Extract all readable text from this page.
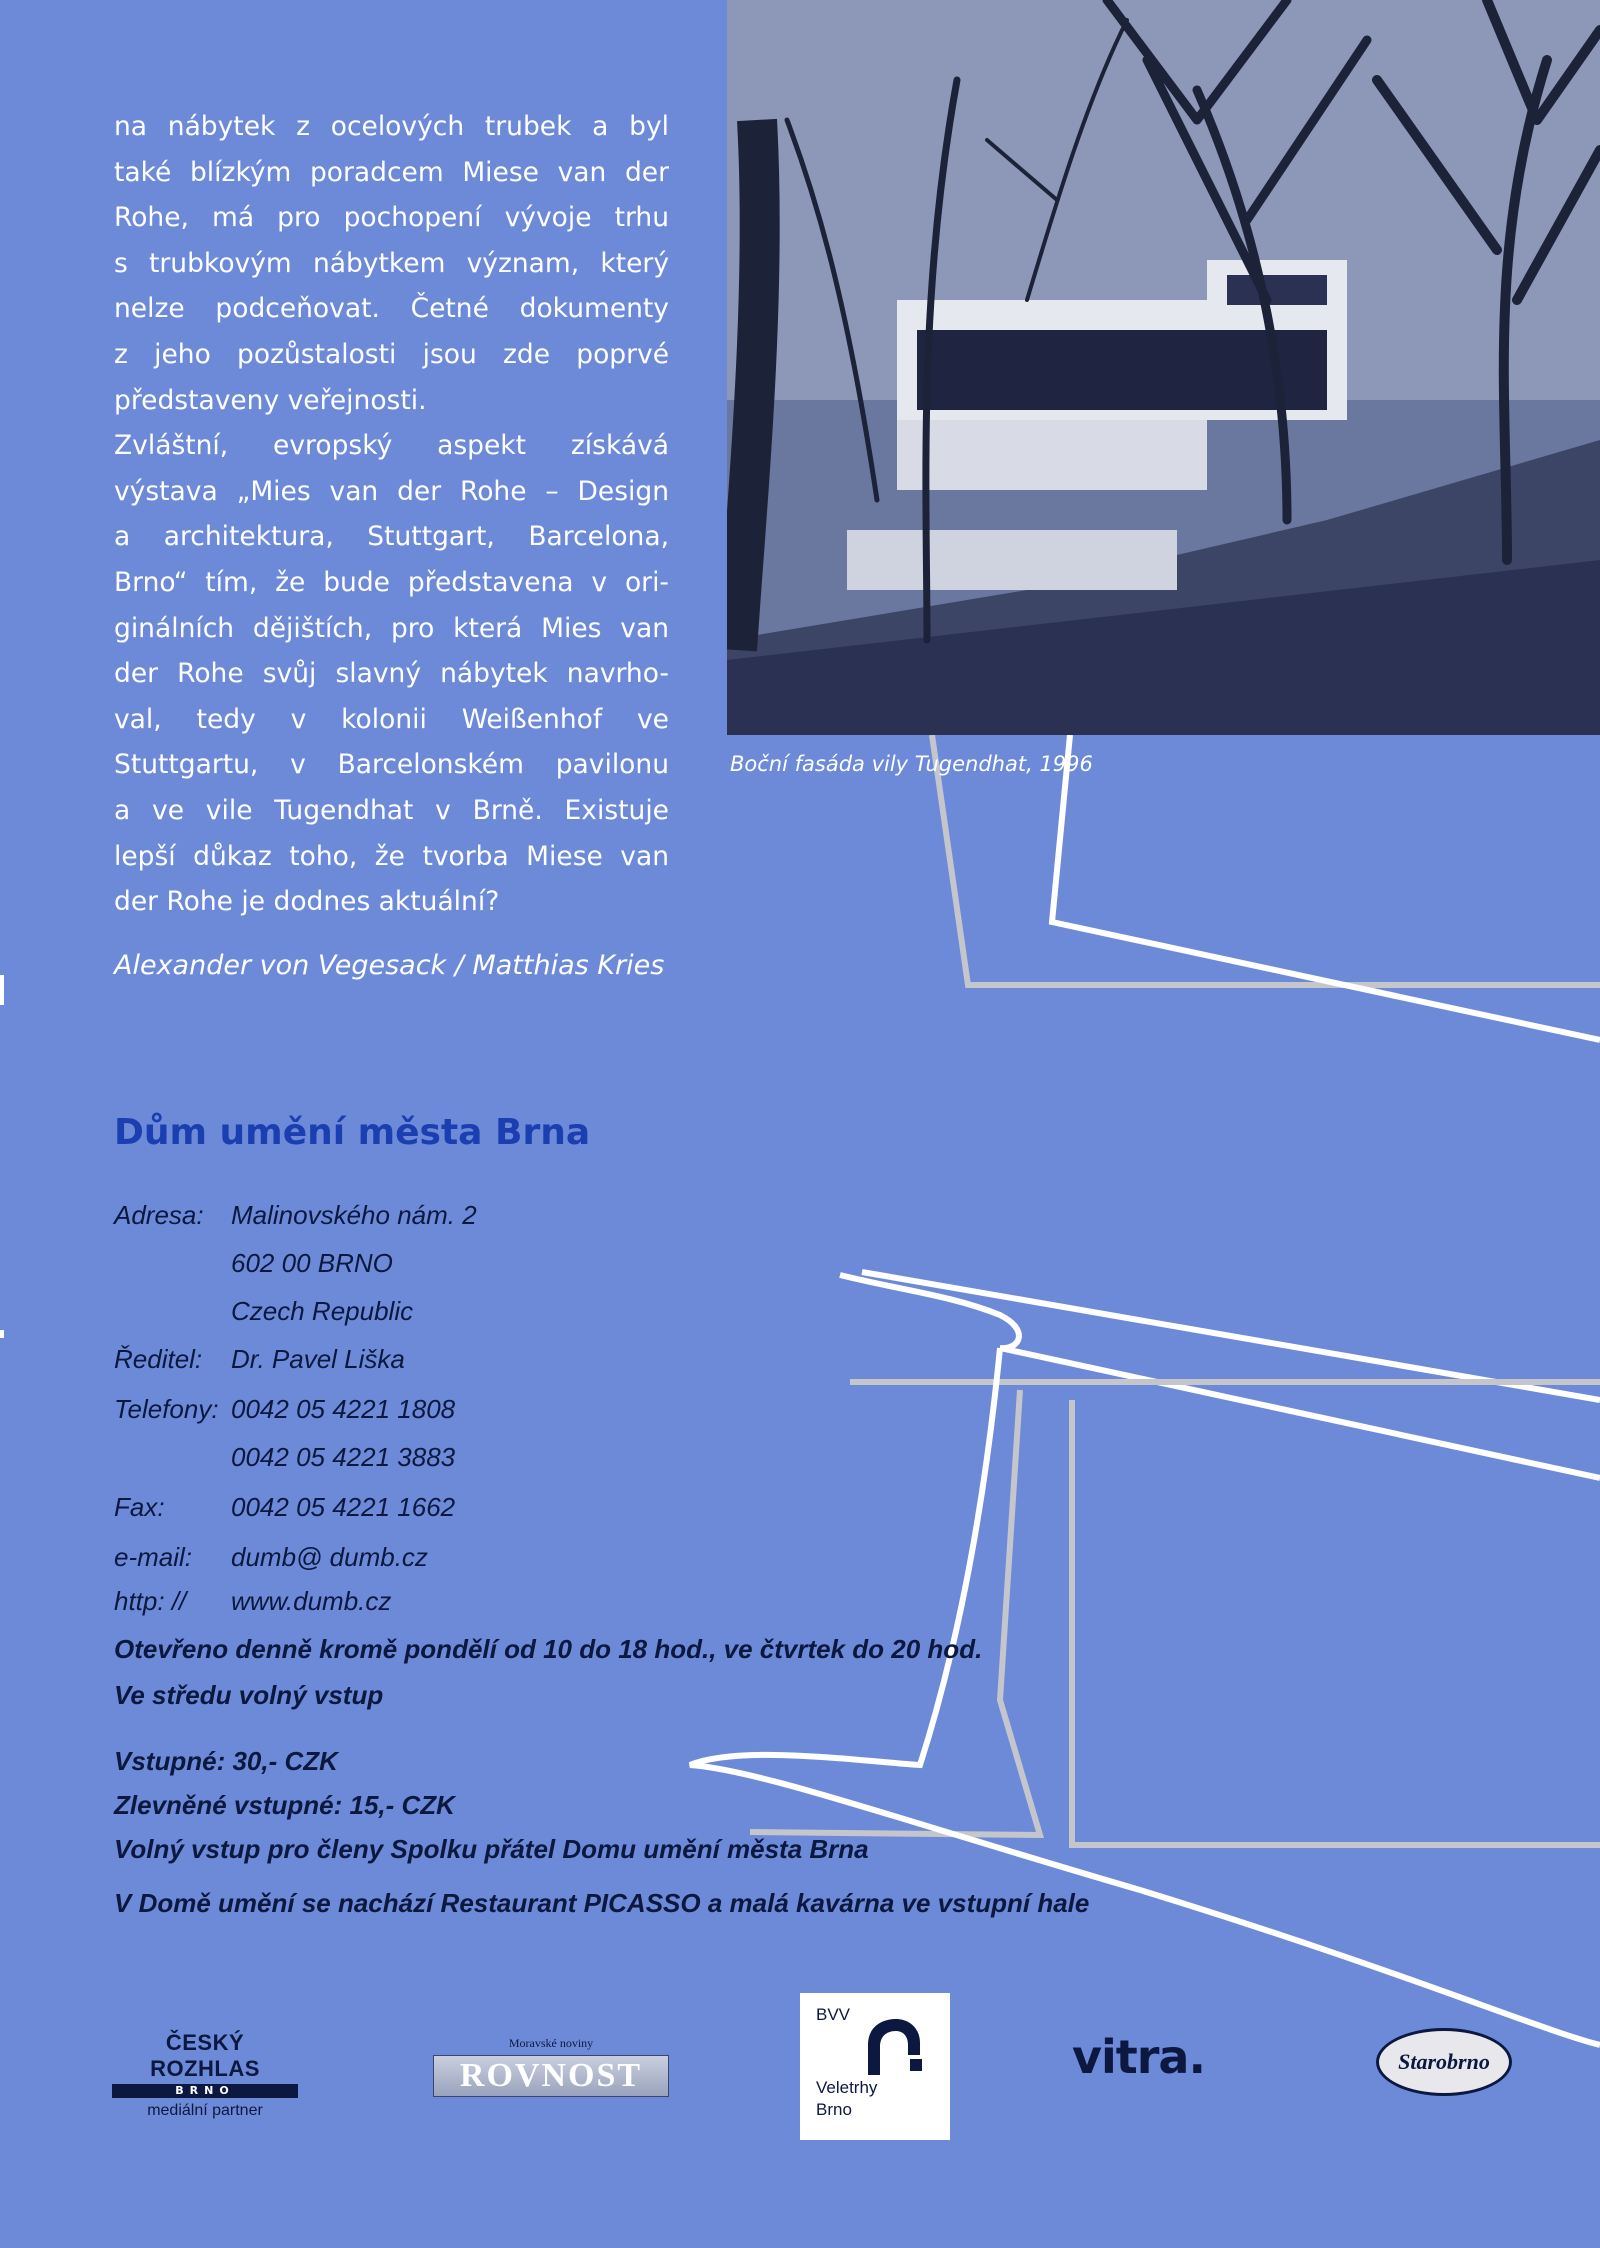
Boční fasáda vily Tugendhat, 1996
na nábytek z ocelových trubek a byl
také blízkým poradcem Miese van der
Rohe, má pro pochopení vývoje trhu
s trubkovým nábytkem význam, který
nelze podceňovat. Četné dokumenty
z jeho pozůstalosti jsou zde poprvé
představeny veřejnosti.
Zvláštní, evropský aspekt získává
výstava „Mies van der Rohe – Design
a architektura, Stuttgart, Barcelona,
Brno“ tím, že bude představena v ori-
ginálních dějištích, pro která Mies van
der Rohe svůj slavný nábytek navrho-
val, tedy v kolonii Weißenhof ve
Stuttgartu, v Barcelonském pavilonu
a ve vile Tugendhat v Brně. Existuje
lepší důkaz toho, že tvorba Miese van
der Rohe je dodnes aktuální?
Alexander von Vegesack / Matthias Kries
Dům umění města Brna
Adresa: Malinovského nám. 2
602 00 BRNO
Czech Republic
Ředitel: Dr. Pavel Liška
Telefony: 0042 05 4221 1808
0042 05 4221 3883
Fax:	0042 05 4221 1662
e-mail: dumb@ dumb.cz
http: // www.dumb.cz
Otevřeno denně kromě pondělí od 10 do 18 hod., ve čtvrtek do 20 hod.
Ve středu volný vstup
Vstupné: 30,- CZK
Zlevněné vstupné: 15,- CZK
Volný vstup pro členy Spolku přátel Domu umění města Brna
V Domě umění se nachází Restaurant PICASSO a malá kavárna ve vstupní hale
ČESKÝ ROZHLAS
BRNO
mediální partner
Moravské noviny
ROVNOST
BVV
Veletrhy
Brno
vitra.	Starobrno
